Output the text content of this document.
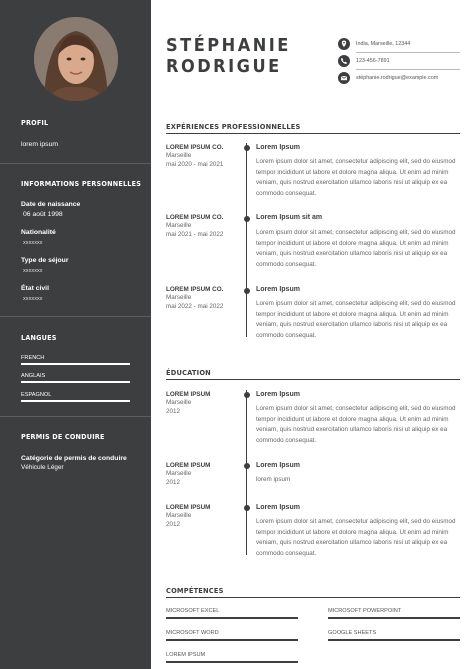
PROFIL
lorem ipsum
INFORMATIONS PERSONNELLES
Date de naissance
06 août 1998
Nationalité
xxxxxxx
Type de séjour
xxxxxxx
État civil
xxxxxxx
LANGUES
FRENCH
ANGLAIS
ESPAGNOL
PERMIS DE CONDUIRE
Catégorie de permis de conduire
Véhicule Léger
STÉPHANIE
RODRIGUE
India, Marseille, 12344
123-456-7891
stéphanie.rodrigue@example.com
EXPÉRIENCES PROFESSIONNELLES
LOREM IPSUM CO.
Marseille
mai 2020 - mai 2021
Lorem Ipsum
Lorem ipsum dolor sit amet, consectetur adipiscing elit, sed do eiusmod tempor incididunt ut labore et dolore magna aliqua. Ut enim ad minim veniam, quis nostrud exercitation ullamco laboris nisi ut aliquip ex ea commodo consequat.
LOREM IPSUM CO.
Marseille
mai 2021 - mai 2022
Lorem Ipsum sit am
Lorem ipsum dolor sit amet, consectetur adipiscing elit, sed do eiusmod tempor incididunt ut labore et dolore magna aliqua. Ut enim ad minim veniam, quis nostrud exercitation ullamco laboris nisi ut aliquip ex ea commodo consequat.
LOREM IPSUM CO.
Marseille
mai 2022 - mai 2022
Lorem Ipsum
Lorem ipsum dolor sit amet, consectetur adipiscing elit, sed do eiusmod tempor incididunt ut labore et dolore magna aliqua. Ut enim ad minim veniam, quis nostrud exercitation ullamco laboris nisi ut aliquip ex ea commodo consequat.
ÉDUCATION
LOREM IPSUM
Marseille
2012
Lorem Ipsum
Lorem ipsum dolor sit amet, consectetur adipiscing elit, sed do eiusmod tempor incididunt ut labore et dolore magna aliqua. Ut enim ad minim veniam, quis nostrud exercitation ullamco laboris nisi ut aliquip ex ea commodo consequat.
LOREM IPSUM
Marseille
2012
Lorem Ipsum
lorem ipsum
LOREM IPSUM
Marseille
2012
Lorem Ipsum
Lorem ipsum dolor sit amet, consectetur adipiscing elit, sed do eiusmod tempor incididunt ut labore et dolore magna aliqua. Ut enim ad minim veniam, quis nostrud exercitation ullamco laboris nisi ut aliquip ex ea commodo consequat.
COMPÉTENCES
MICROSOFT EXCEL	MICROSOFT POWERPOINT
MICROSOFT WORD	GOOGLE SHEETS
LOREM IPSUM
